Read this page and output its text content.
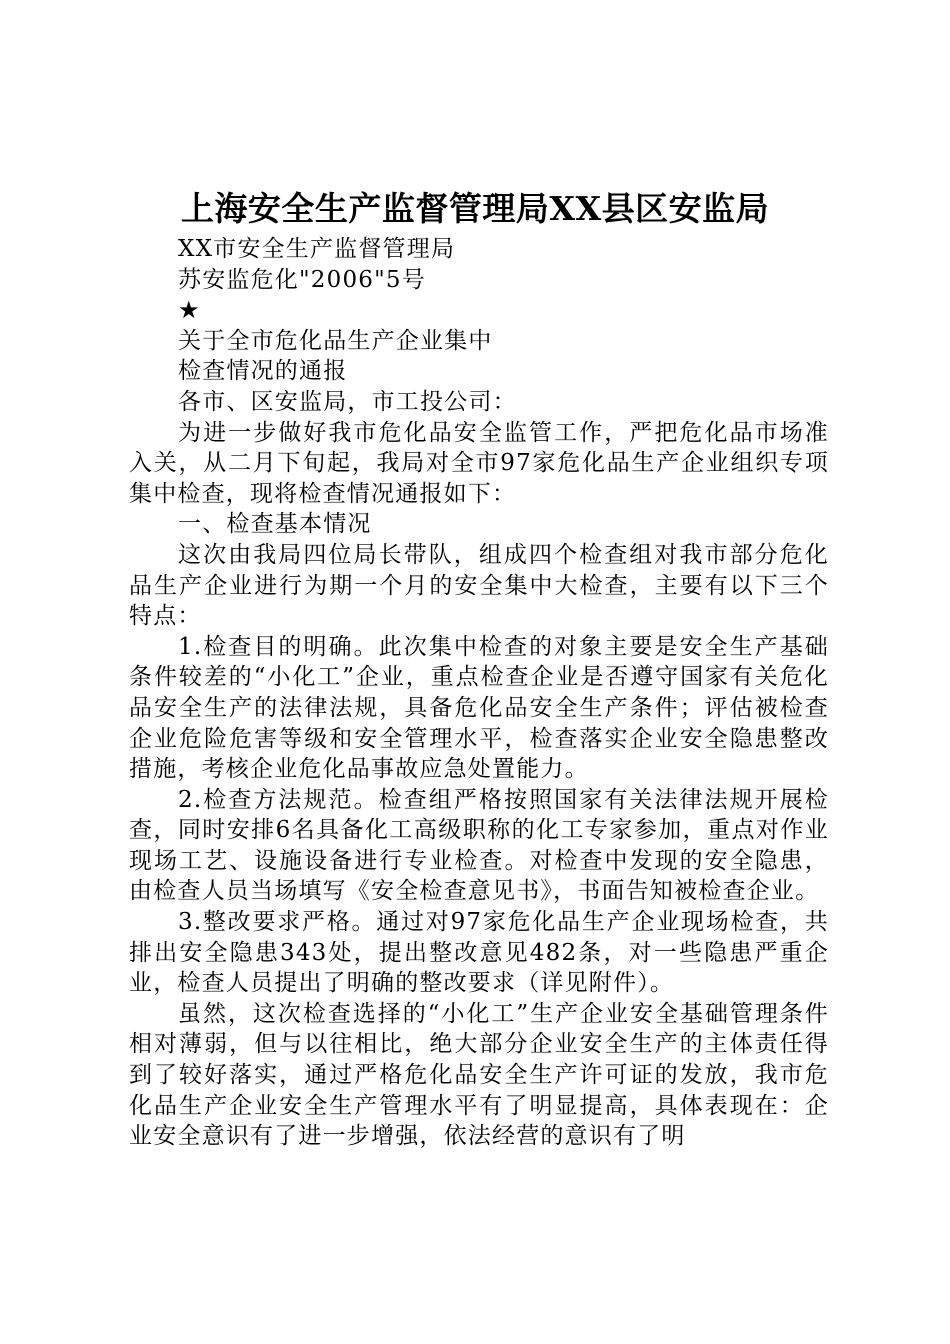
上海安全生产监督管理局XX县区安监局

XX市安全生产监督管理局

苏安监危化"2006"5号

★

关于全市危化品生产企业集中

检查情况的通报

各市、区安监局，市工投公司：

为进一步做好我市危化品安全监管工作，严把危化品市场准入关，从二月下旬起，我局对全市97家危化品生产企业组织专项集中检查，现将检查情况通报如下：

一、检查基本情况

这次由我局四位局长带队，组成四个检查组对我市部分危化品生产企业进行为期一个月的安全集中大检查，主要有以下三个特点：

1.检查目的明确。此次集中检查的对象主要是安全生产基础条件较差的“小化工”企业，重点检查企业是否遵守国家有关危化品安全生产的法律法规，具备危化品安全生产条件；评估被检查企业危险危害等级和安全管理水平，检查落实企业安全隐患整改措施，考核企业危化品事故应急处置能力。

2.检查方法规范。检查组严格按照国家有关法律法规开展检查，同时安排6名具备化工高级职称的化工专家参加，重点对作业现场工艺、设施设备进行专业检查。对检查中发现的安全隐患，由检查人员当场填写《安全检查意见书》，书面告知被检查企业。

3.整改要求严格。通过对97家危化品生产企业现场检查，共排出安全隐患343处，提出整改意见482条，对一些隐患严重企业，检查人员提出了明确的整改要求（详见附件）。

虽然，这次检查选择的“小化工”生产企业安全基础管理条件相对薄弱，但与以往相比，绝大部分企业安全生产的主体责任得到了较好落实，通过严格危化品安全生产许可证的发放，我市危化品生产企业安全生产管理水平有了明显提高，具体表现在：企业安全意识有了进一步增强，依法经营的意识有了明
